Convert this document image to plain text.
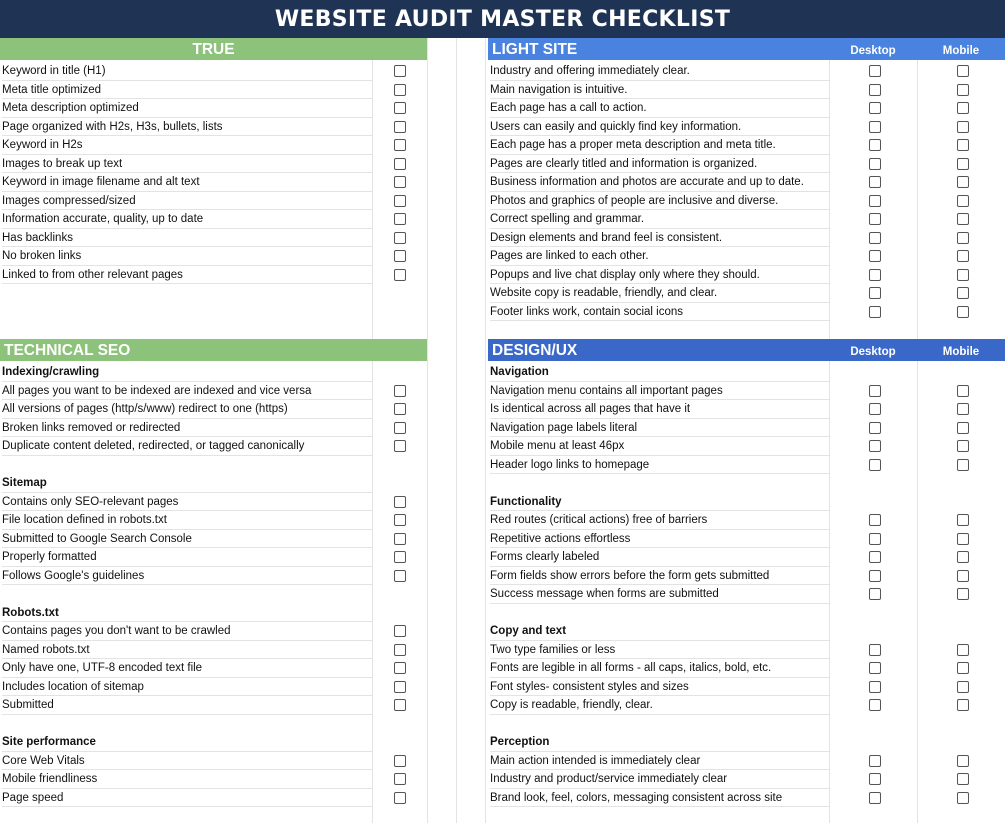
WEBSITE AUDIT MASTER CHECKLIST
TRUE
Keyword in title (H1)
Meta title optimized
Meta description optimized
Page organized with H2s, H3s, bullets, lists
Keyword in H2s
Images to break up text
Keyword in image filename and alt text
Images compressed/sized
Information accurate, quality, up to date
Has backlinks
No broken links
Linked to from other relevant pages
LIGHT SITE	Desktop	Mobile
Industry and offering immediately clear.
Main navigation is intuitive.
Each page has a call to action.
Users can easily and quickly find key information.
Each page has a proper meta description and meta title.
Pages are clearly titled and information is organized.
Business information and photos are accurate and up to date.
Photos and graphics of people are inclusive and diverse.
Correct spelling and grammar.
Design elements and brand feel is consistent.
Pages are linked to each other.
Popups and live chat display only where they should.
Website copy is readable, friendly, and clear.
Footer links work, contain social icons
TECHNICAL SEO
Indexing/crawling
All pages you want to be indexed are indexed and vice versa
All versions of pages (http/s/www) redirect to one (https)
Broken links removed or redirected
Duplicate content deleted, redirected, or tagged canonically
Sitemap
Contains only SEO-relevant pages
File location defined in robots.txt
Submitted to Google Search Console
Properly formatted
Follows Google's guidelines
Robots.txt
Contains pages you don't want to be crawled
Named robots.txt
Only have one, UTF-8 encoded text file
Includes location of sitemap
Submitted
Site performance
Core Web Vitals
Mobile friendliness
Page speed
DESIGN/UX	Desktop	Mobile
Navigation
Navigation menu contains all important pages
Is identical across all pages that have it
Navigation page labels literal
Mobile menu at least 46px
Header logo links to homepage
Functionality
Red routes (critical actions) free of barriers
Repetitive actions effortless
Forms clearly labeled
Form fields show errors before the form gets submitted
Success message when forms are submitted
Copy and text
Two type families or less
Fonts are legible in all forms - all caps, italics, bold, etc.
Font styles- consistent styles and sizes
Copy is readable, friendly, clear.
Perception
Main action intended is immediately clear
Industry and product/service immediately clear
Brand look, feel, colors, messaging consistent across site
